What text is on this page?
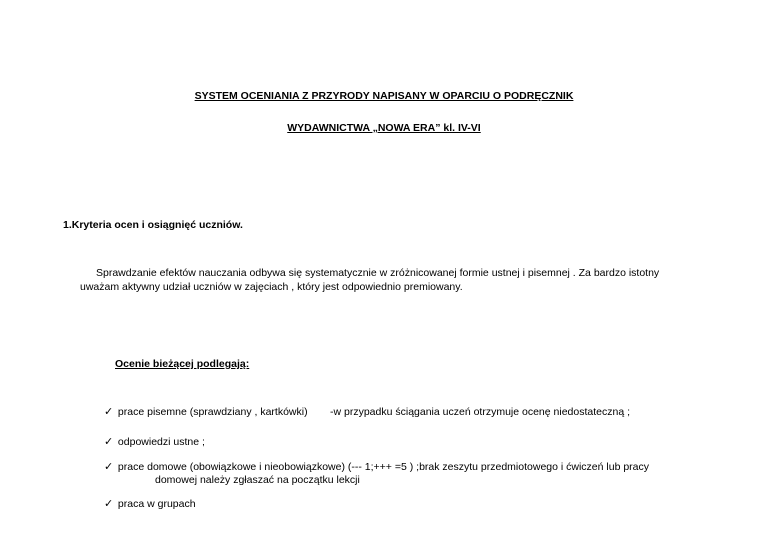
SYSTEM OCENIANIA Z PRZYRODY NAPISANY W OPARCIU O PODRĘCZNIK
WYDAWNICTWA „NOWA ERA” kl. IV-VI
1.Kryteria ocen i osiągnięć uczniów.
Sprawdzanie efektów nauczania odbywa się systematycznie w zróżnicowanej formie ustnej i pisemnej . Za bardzo istotny
uważam aktywny udział uczniów w zajęciach , który jest odpowiednio premiowany.
Ocenie bieżącej podlegają:
✓ prace pisemne (sprawdziany , kartkówki) -w przypadku ściągania uczeń otrzymuje ocenę niedostateczną ;
✓ odpowiedzi ustne ;
✓ prace domowe (obowiązkowe i nieobowiązkowe) (--- 1;+++ =5 ) ;brak zeszytu przedmiotowego i ćwiczeń lub pracy
domowej należy zgłaszać na początku lekcji
✓ praca w grupach
